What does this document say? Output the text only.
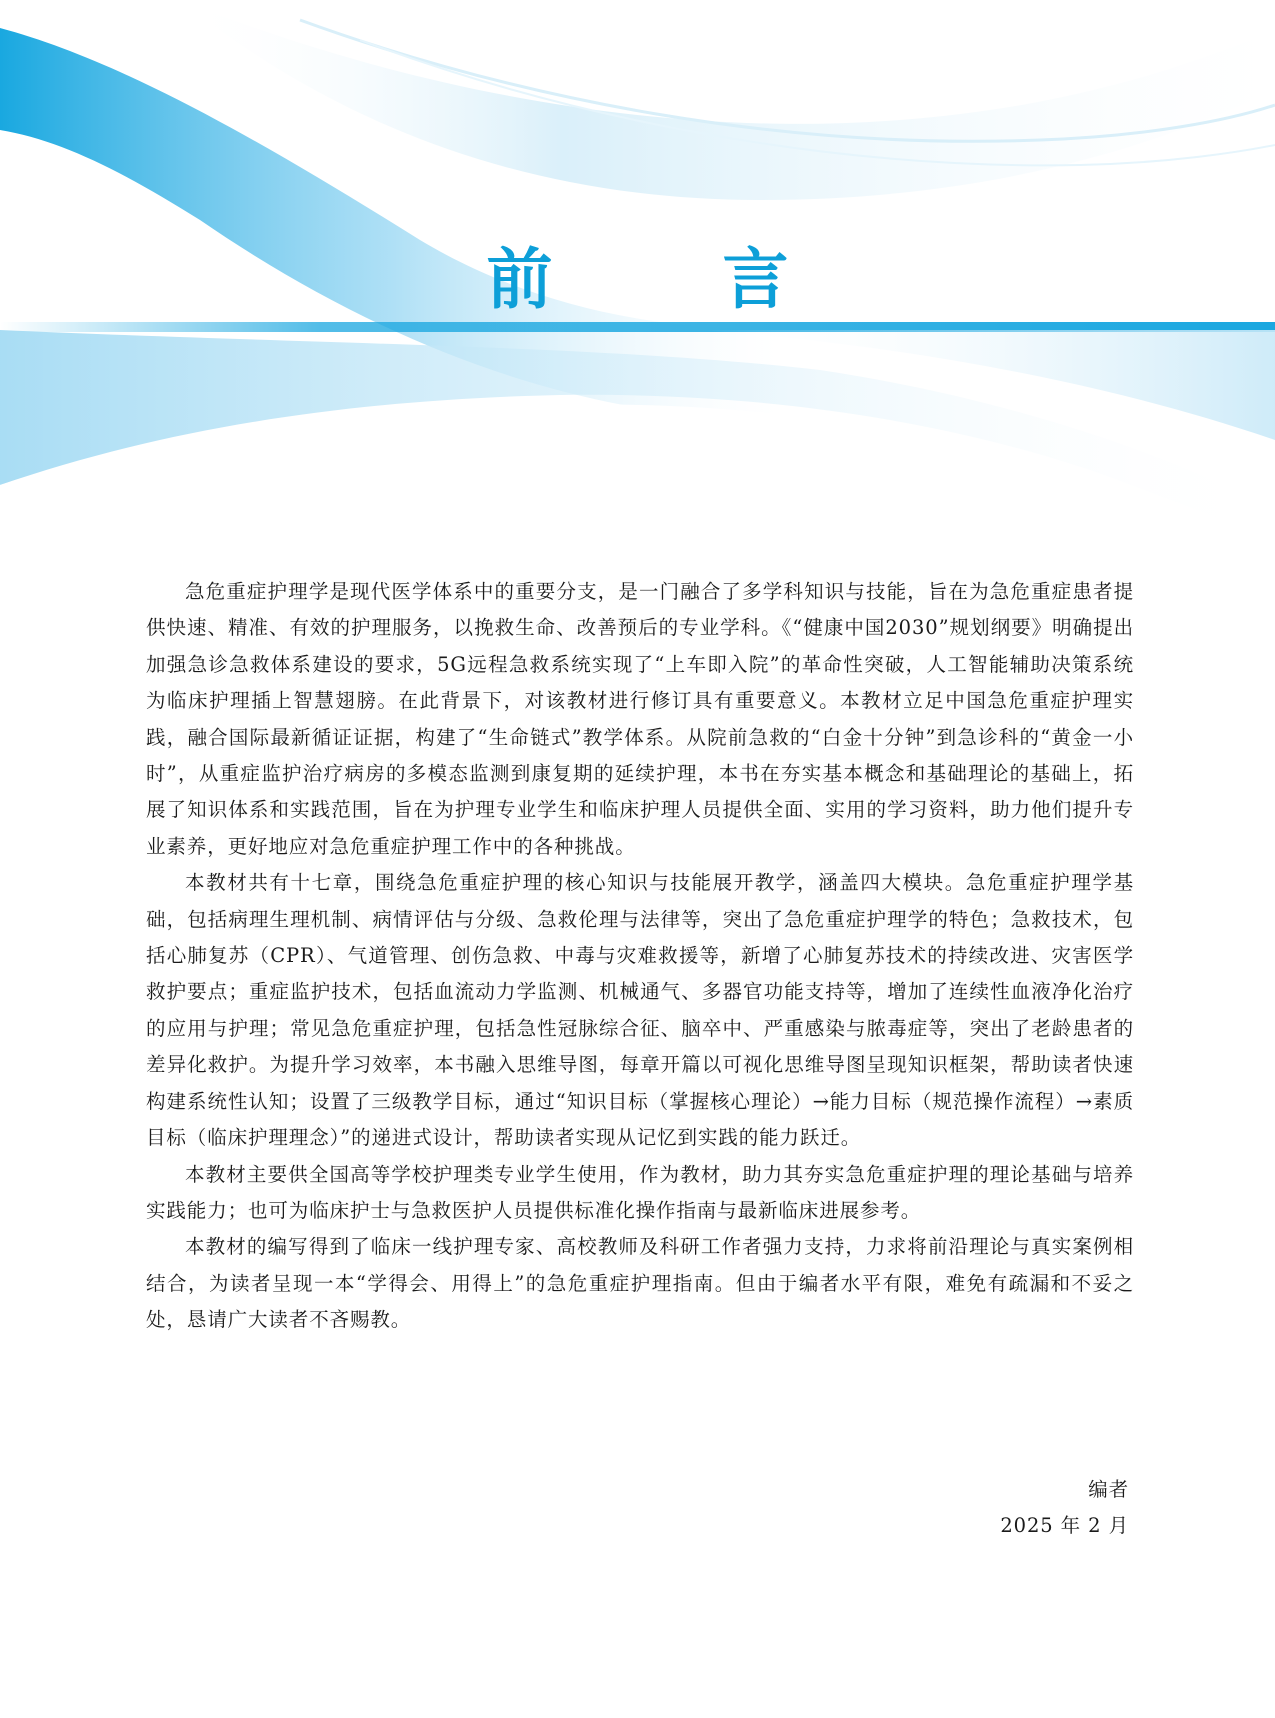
前　言

急危重症护理学是现代医学体系中的重要分支，是一门融合了多学科知识与技能，旨在为急危重症患者提供快速、精准、有效的护理服务，以挽救生命、改善预后的专业学科。《“健康中国2030”规划纲要》明确提出加强急诊急救体系建设的要求，5G远程急救系统实现了“上车即入院”的革命性突破，人工智能辅助决策系统为临床护理插上智慧翅膀。在此背景下，对该教材进行修订具有重要意义。本教材立足中国急危重症护理实践，融合国际最新循证证据，构建了“生命链式”教学体系。从院前急救的“白金十分钟”到急诊科的“黄金一小时”，从重症监护治疗病房的多模态监测到康复期的延续护理，本书在夯实基本概念和基础理论的基础上，拓展了知识体系和实践范围，旨在为护理专业学生和临床护理人员提供全面、实用的学习资料，助力他们提升专业素养，更好地应对急危重症护理工作中的各种挑战。

本教材共有十七章，围绕急危重症护理的核心知识与技能展开教学，涵盖四大模块。急危重症护理学基础，包括病理生理机制、病情评估与分级、急救伦理与法律等，突出了急危重症护理学的特色；急救技术，包括心肺复苏（CPR）、气道管理、创伤急救、中毒与灾难救援等，新增了心肺复苏技术的持续改进、灾害医学救护要点；重症监护技术，包括血流动力学监测、机械通气、多器官功能支持等，增加了连续性血液净化治疗的应用与护理；常见急危重症护理，包括急性冠脉综合征、脑卒中、严重感染与脓毒症等，突出了老龄患者的差异化救护。为提升学习效率，本书融入思维导图，每章开篇以可视化思维导图呈现知识框架，帮助读者快速构建系统性认知；设置了三级教学目标，通过“知识目标（掌握核心理论）→能力目标（规范操作流程）→素质目标（临床护理理念）”的递进式设计，帮助读者实现从记忆到实践的能力跃迁。

本教材主要供全国高等学校护理类专业学生使用，作为教材，助力其夯实急危重症护理的理论基础与培养实践能力；也可为临床护士与急救医护人员提供标准化操作指南与最新临床进展参考。

本教材的编写得到了临床一线护理专家、高校教师及科研工作者强力支持，力求将前沿理论与真实案例相结合，为读者呈现一本“学得会、用得上”的急危重症护理指南。但由于编者水平有限，难免有疏漏和不妥之处，恳请广大读者不吝赐教。

编者
2025 年 2 月
